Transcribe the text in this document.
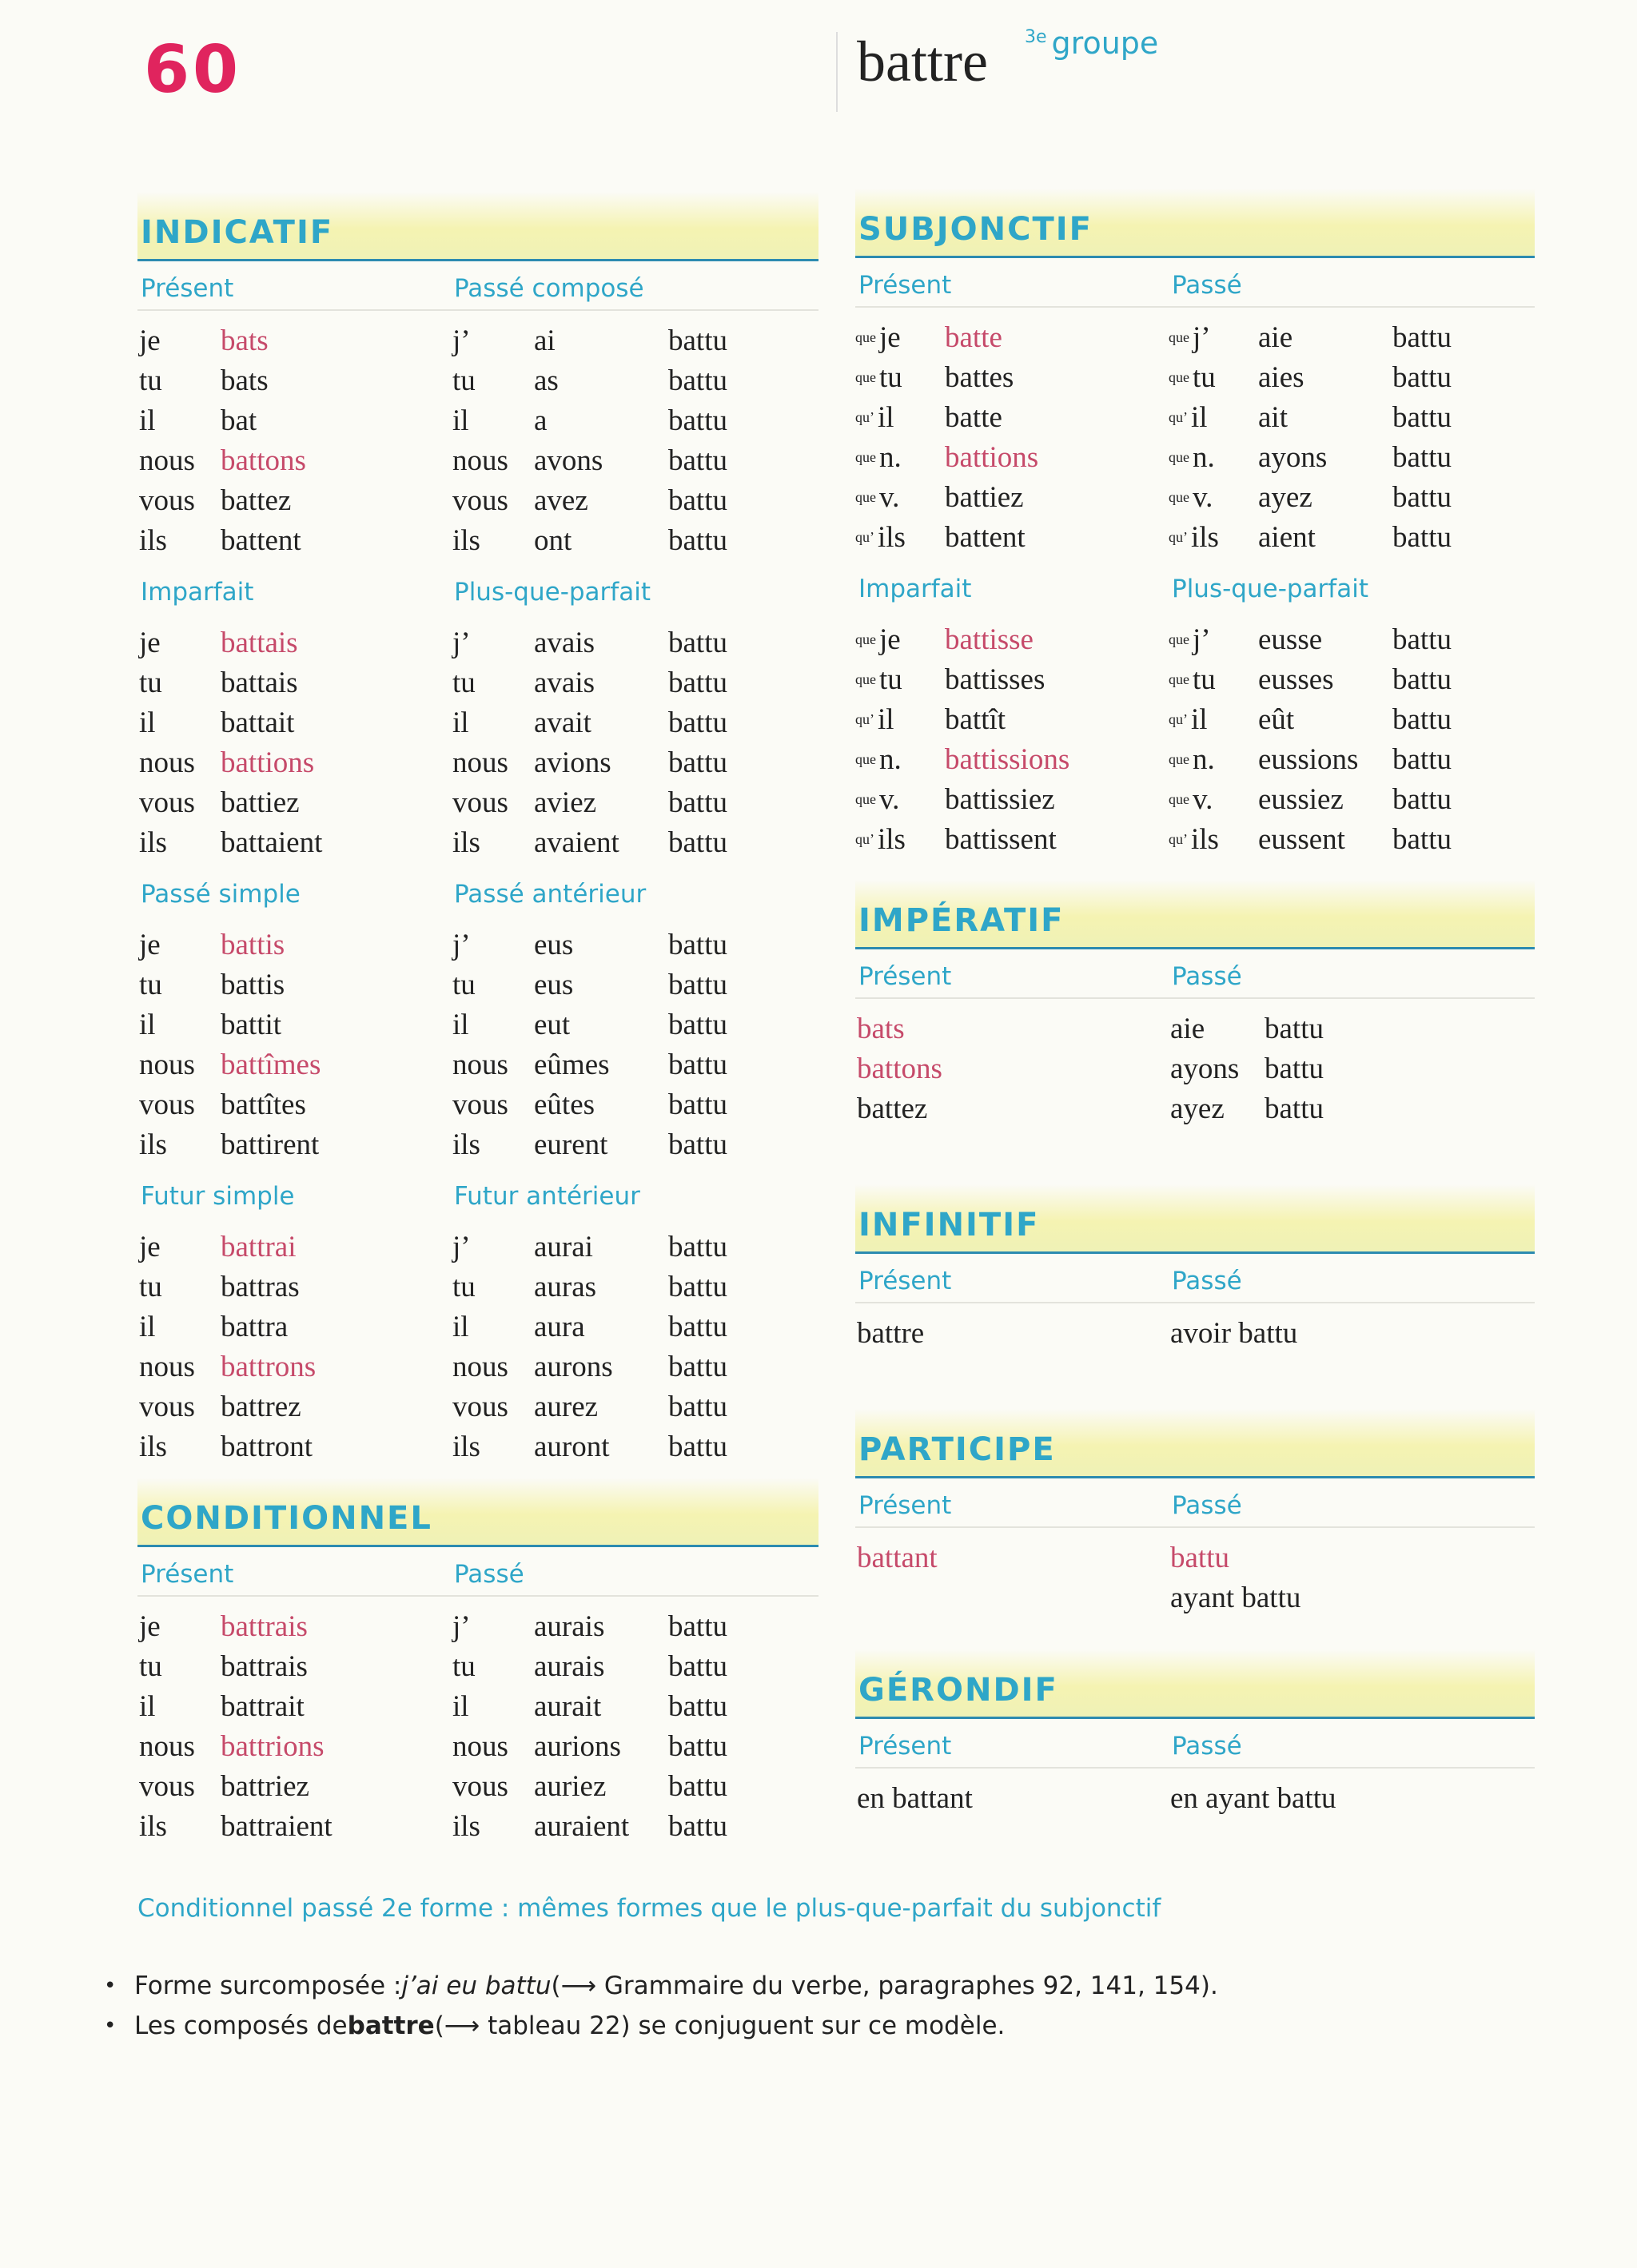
60	battre $^{3e}$ groupe
INDICATIF
Présent	Passé composé
je	bats
tu	bats
il	bat
nous battons
vous battez
ils	battent
j’	ai	battu
tu	as	battu
il	a	battu
nous avons	battu
vous avez	battu
ils	ont	battu
Imparfait	Plus-que-parfait
je	battais
tu	battais
il	battait
nous battions
vous battiez
ils	battaient
j’	avais	battu
tu	avais	battu
il	avait	battu
nous avions	battu
vous aviez	battu
ils	avaient	battu
Passé simple	Passé antérieur
je	battis
tu	battis
il	battit
nous battîmes
vous battîtes
ils	battirent
j’	eus	battu
tu	eus	battu
il	eut	battu
nous eûmes	battu
vous eûtes	battu
ils	eurent	battu
Futur simple	Futur antérieur
je	battrai
tu	battras
il	battra
nous battrons
vous battrez
ils	battront
j’	aurai	battu
tu	auras	battu
il	aura	battu
nous aurons	battu
vous aurez	battu
ils	auront	battu
CONDITIONNEL
Présent	Passé
je	battrais
tu	battrais
il	battrait
nous battrions
vous battriez
ils	battraient
j’	aurais	battu
tu	aurais	battu
il	aurait	battu
nous aurions	battu
vous auriez	battu
ils	auraient	battu
SUBJONCTIF
Présent	Passé
que je	batte
que tu	battes
qu’ il	batte
que n.	battions
que v.	battiez
qu’ ils	battent
que j’	aie	battu
que tu	aies	battu
qu’ il	ait	battu
que n.	ayons	battu
que v.	ayez	battu
qu’ ils	aient	battu
Imparfait	Plus-que-parfait
que je	battisse
que tu	battisses
qu’ il	battît
que n.	battissions
que v.	battissiez
qu’ ils	battissent
que j’	eusse	battu
que tu	eusses	battu
qu’ il	eût	battu
que n.	eussions	battu
que v.	eussiez	battu
qu’ ils	eussent	battu
IMPÉRATIF
Présent	Passé
bats	aie battu
battons	ayons battu
battez	ayez battu
INFINITIF
Présent	Passé
battre	avoir battu
PARTICIPE
Présent	Passé
battant	battu
ayant battu
GÉRONDIF
Présent	Passé
en battant	en ayant battu
Conditionnel passé 2e forme : mêmes formes que le plus-que-parfait du subjonctif
• Forme surcomposée : j’ai eu battu (⟶ Grammaire du verbe, paragraphes 92, 141, 154).
• Les composés de battre (⟶ tableau 22) se conjuguent sur ce modèle.
